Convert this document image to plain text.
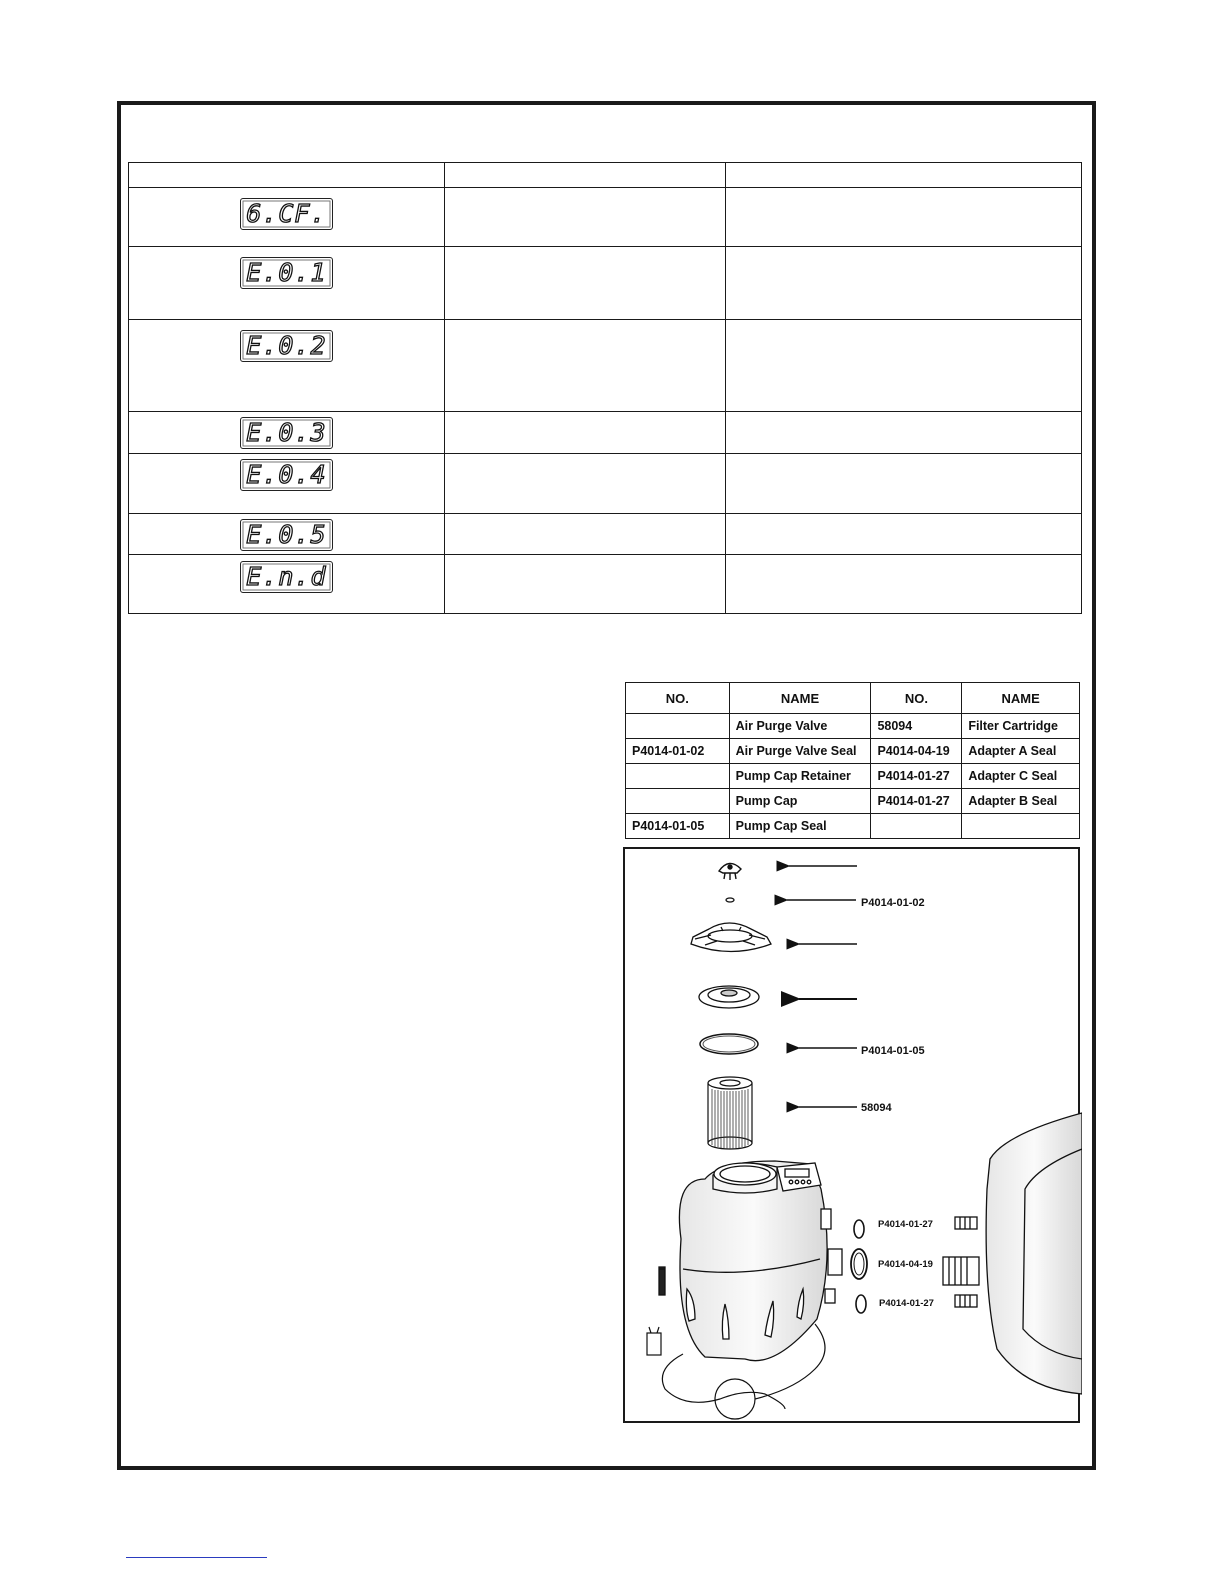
6.CF.		
E.0.1		
E.0.2		
E.0.3		
E.0.4		
E.0.5		
E.n.d		
NO.	NAME	NO.	NAME
	Air Purge Valve	58094	Filter Cartridge
P4014-01-02	Air Purge Valve Seal	P4014-04-19	Adapter A Seal
	Pump Cap Retainer	P4014-01-27	Adapter C Seal
	Pump Cap	P4014-01-27	Adapter B Seal
P4014-01-05	Pump Cap Seal		
P4014-01-02
P4014-01-05
58094
P4014-01-27
P4014-04-19
P4014-01-27
